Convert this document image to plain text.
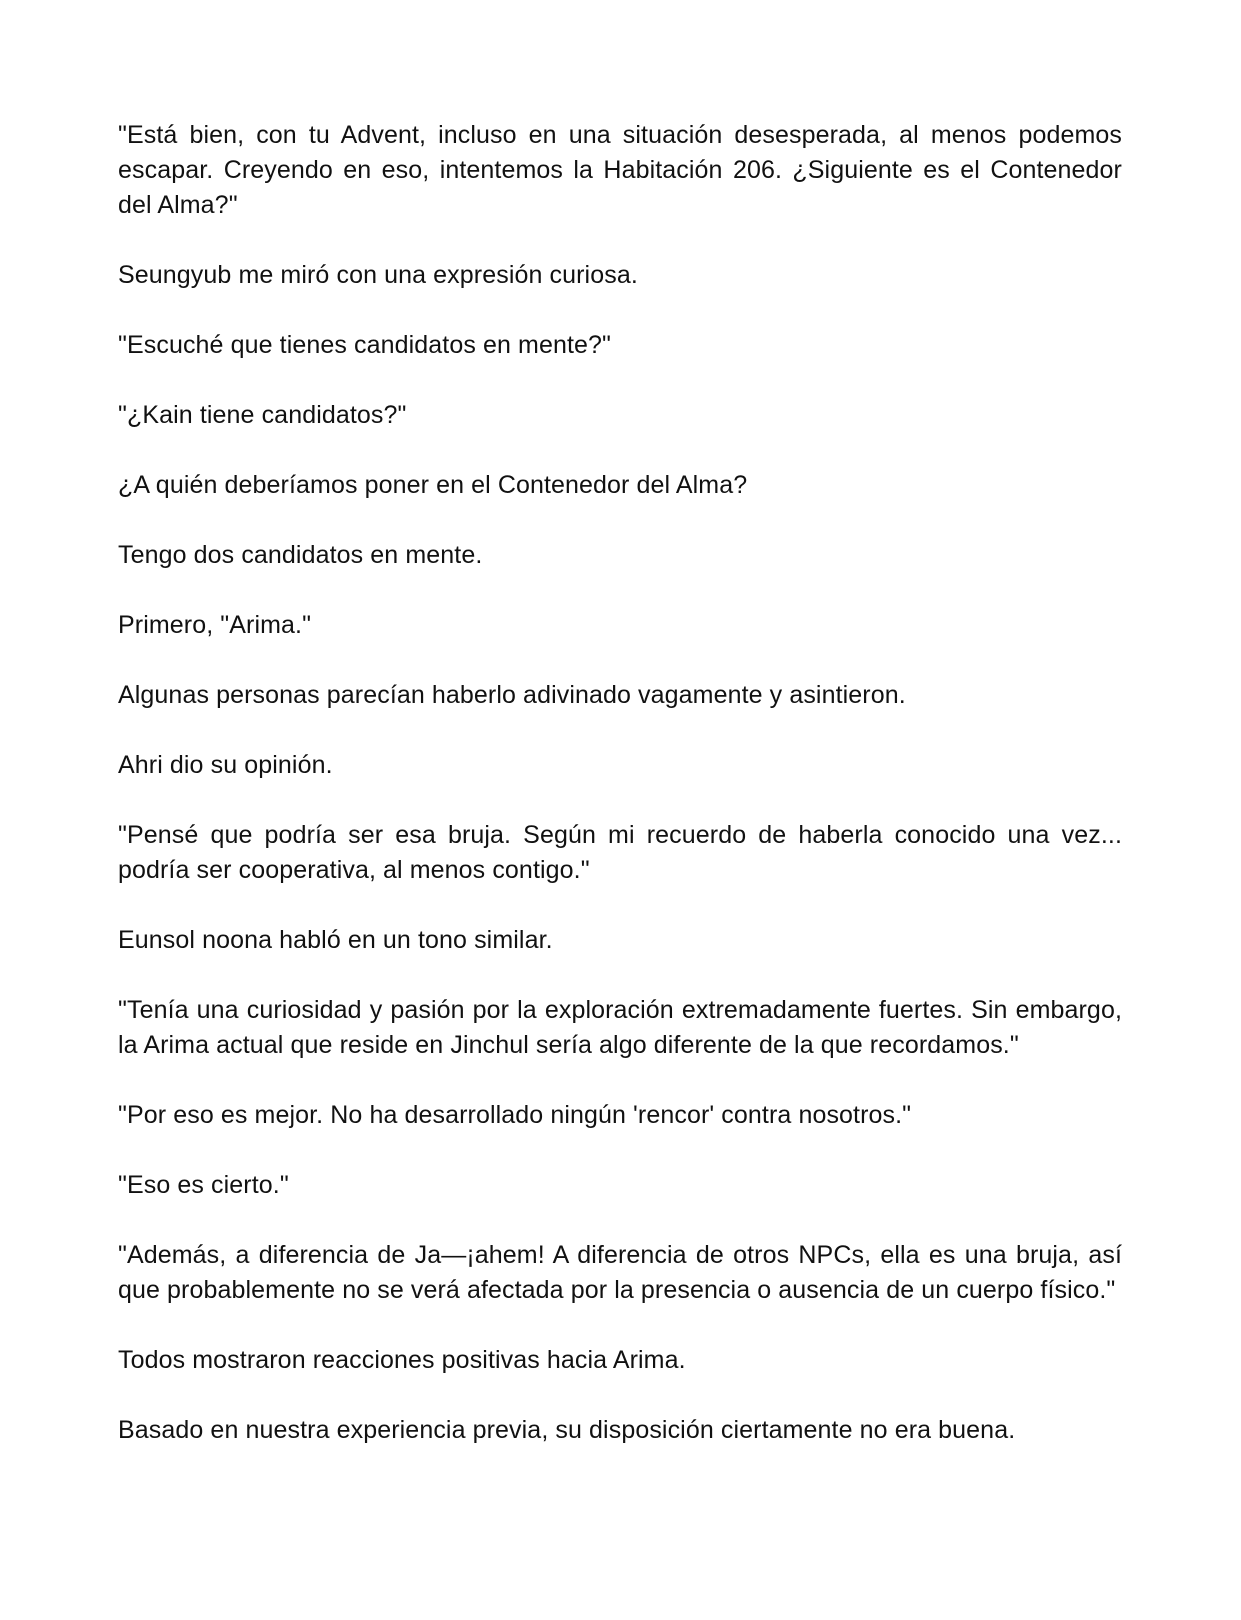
"Está bien, con tu Advent, incluso en una situación desesperada, al menos podemos escapar. Creyendo en eso, intentemos la Habitación 206. ¿Siguiente es el Contenedor del Alma?"

Seungyub me miró con una expresión curiosa.

"Escuché que tienes candidatos en mente?"

"¿Kain tiene candidatos?"

¿A quién deberíamos poner en el Contenedor del Alma?

Tengo dos candidatos en mente.

Primero, "Arima."

Algunas personas parecían haberlo adivinado vagamente y asintieron.

Ahri dio su opinión.

"Pensé que podría ser esa bruja. Según mi recuerdo de haberla conocido una vez... podría ser cooperativa, al menos contigo."

Eunsol noona habló en un tono similar.

"Tenía una curiosidad y pasión por la exploración extremadamente fuertes. Sin embargo, la Arima actual que reside en Jinchul sería algo diferente de la que recordamos."

"Por eso es mejor. No ha desarrollado ningún 'rencor' contra nosotros."

"Eso es cierto."

"Además, a diferencia de Ja—¡ahem! A diferencia de otros NPCs, ella es una bruja, así que probablemente no se verá afectada por la presencia o ausencia de un cuerpo físico."

Todos mostraron reacciones positivas hacia Arima.

Basado en nuestra experiencia previa, su disposición ciertamente no era buena.
